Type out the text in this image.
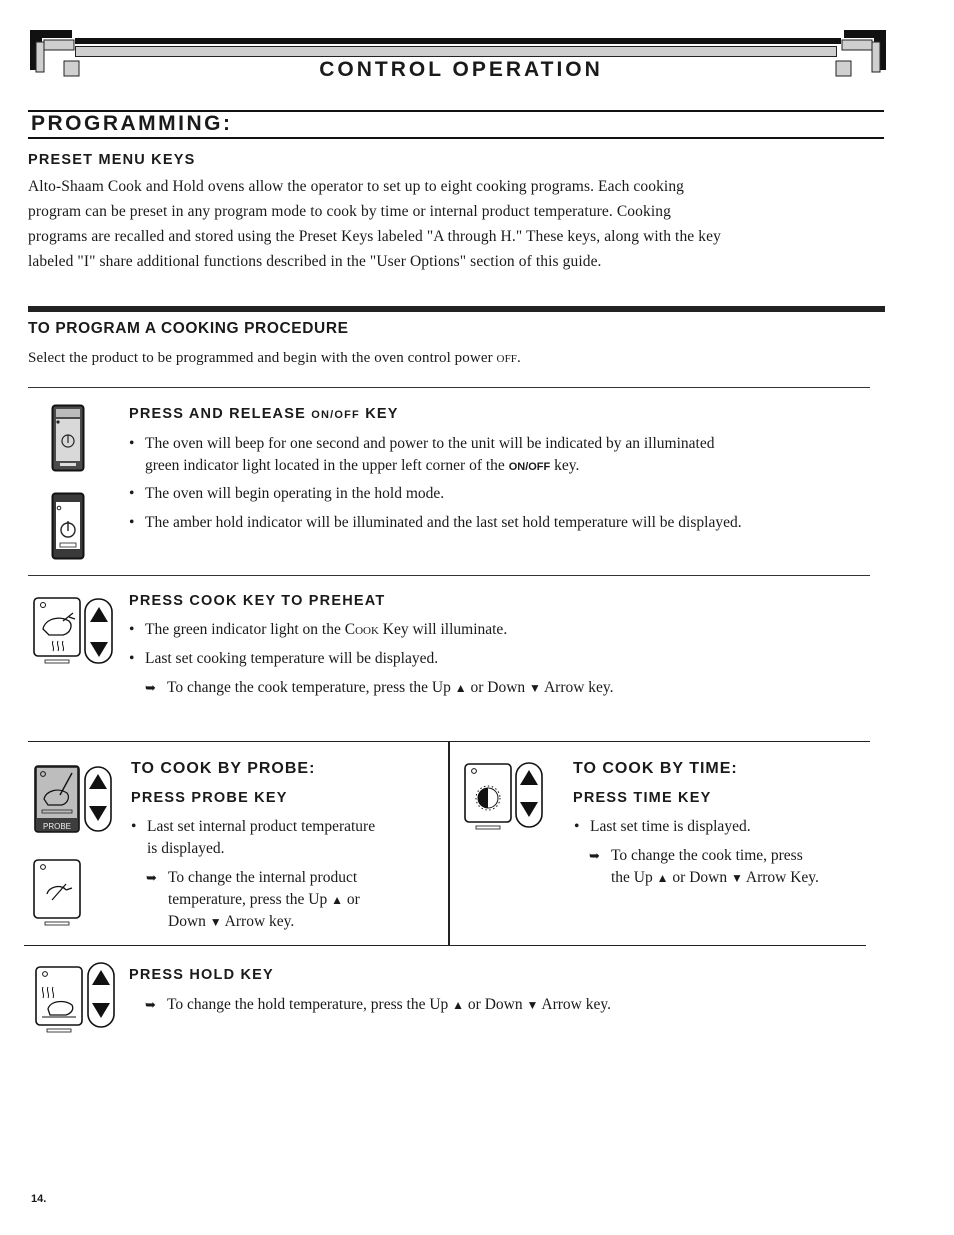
CONTROL OPERATION
PROGRAMMING:
PRESET MENU KEYS
Alto-Shaam Cook and Hold ovens allow the operator to set up to eight cooking programs. Each cooking
program can be preset in any program mode to cook by time or internal product temperature. Cooking
programs are recalled and stored using the Preset Keys labeled "A through H." These keys, along with the key
labeled "I" share additional functions described in the "User Options" section of this guide.
TO PROGRAM A COOKING PROCEDURE
Select the product to be programmed and begin with the oven control power off.
PRESS AND RELEASE ON/OFF KEY
• The oven will beep for one second and power to the unit will be indicated by an illuminated
green indicator light located in the upper left corner of the ON/OFF key.
• The oven will begin operating in the hold mode.
• The amber hold indicator will be illuminated and the last set hold temperature will be displayed.
PRESS COOK KEY TO PREHEAT
• The green indicator light on the Cook Key will illuminate.
• Last set cooking temperature will be displayed.
➥ To change the cook temperature, press the Up ▲ or Down ▼ Arrow key.
PROBE
TO COOK BY PROBE:
PRESS PROBE KEY
• Last set internal product temperature
is displayed.
➥ To change the internal product
temperature, press the Up ▲ or
Down ▼ Arrow key.
TO COOK BY TIME:
PRESS TIME KEY
• Last set time is displayed.
➥ To change the cook time, press
the Up ▲ or Down ▼ Arrow Key.
PRESS HOLD KEY
➥ To change the hold temperature, press the Up ▲ or Down ▼ Arrow key.
14.
